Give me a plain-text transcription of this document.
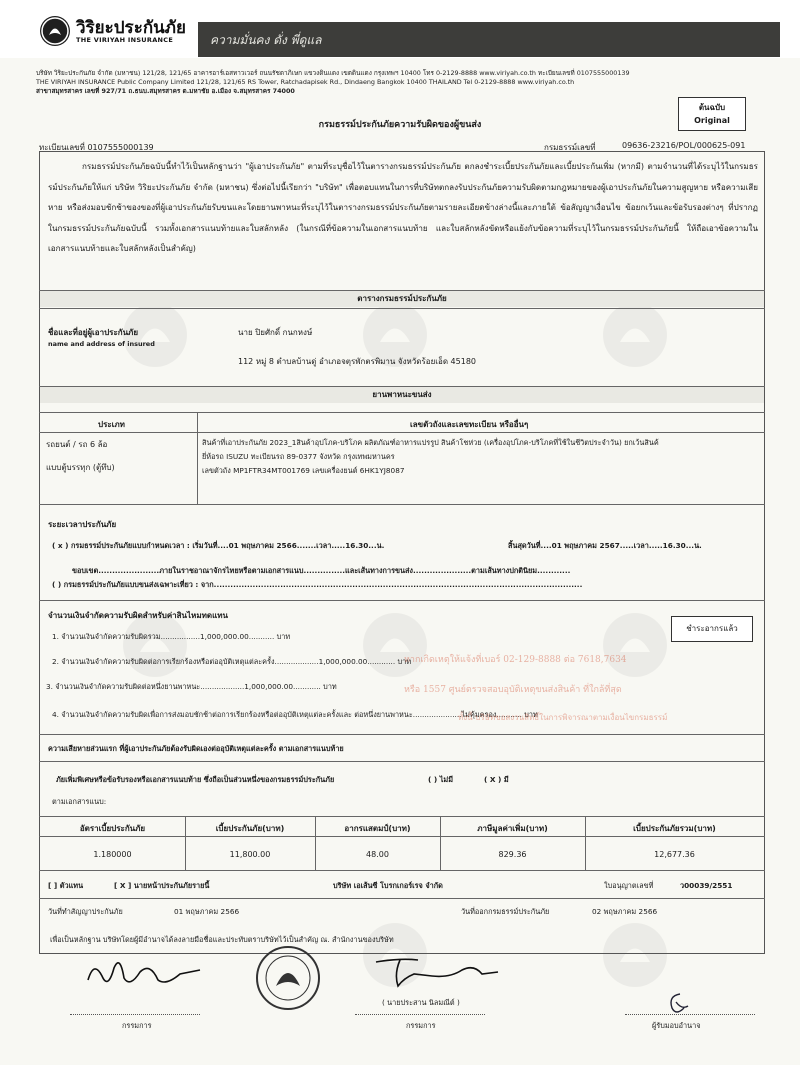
วิริยะประกันภัย
THE VIRIYAH INSURANCE	ความมั่นคง ดั่ง พี่ดูแล
บริษัท วิริยะประกันภัย จำกัด (มหาชน) 121/28, 121/65 อาคารอาร์เอสทาวเวอร์ ถนนรัชดาภิเษก แขวงดินแดง เขตดินแดง กรุงเทพฯ 10400 โทร 0-2129-8888 www.viriyah.co.th ทะเบียนเลขที่ 0107555000139
THE VIRIYAH INSURANCE Public Company Limited 121/28, 121/65 RS Tower, Ratchadapisek Rd., Dindaeng Bangkok 10400 THAILAND Tel 0-2129-8888 www.viriyah.co.th
สาขาสมุทรสาคร เลขที่ 927/71 ถ.ธนบ.สมุทรสาคร ต.มหาชัย อ.เมือง จ.สมุทรสาคร 74000
ต้นฉบับ
Original
กรมธรรม์ประกันภัยความรับผิดของผู้ขนส่ง
ทะเบียนเลขที่ 0107555000139	กรมธรรม์เลขที่	09636-23216/POL/000625-091

กรมธรรม์ประกันภัยฉบับนี้ทำไว้เป็นหลักฐานว่า "ผู้เอาประกันภัย" ตามที่ระบุชื่อไว้ในตารางกรมธรรม์ประกันภัย ตกลงชำระเบี้ยประกันภัยและเบี้ยประกันเพิ่ม (หากมี) ตามจำนวนที่ได้ระบุไว้ในกรมธรรม์ประกันภัยให้แก่ บริษัท วิริยะประกันภัย จำกัด (มหาชน) ซึ่งต่อไปนี้เรียกว่า "บริษัท" เพื่อตอบแทนในการที่บริษัทตกลงรับประกันภัยความรับผิดตามกฎหมายของผู้เอาประกันภัยในความสูญหาย หรือความเสียหาย หรือส่งมอบชักช้าของของที่ผู้เอาประกันภัยรับขนและโดยยานพาหนะที่ระบุไว้ในตารางกรมธรรม์ประกันภัยตามรายละเอียดข้างล่างนี้และภายใต้ ข้อสัญญาเงื่อนไข ข้อยกเว้นและข้อรับรองต่างๆ ที่ปรากฏในกรมธรรม์ประกันภัยฉบับนี้ รวมทั้งเอกสารแนบท้ายและใบสลักหลัง (ในกรณีที่ข้อความในเอกสารแนบท้าย และใบสลักหลังขัดหรือแย้งกับข้อความที่ระบุไว้ในกรมธรรม์ประกันภัยนี้ ให้ถือเอาข้อความในเอกสารแนบท้ายและใบสลักหลังเป็นสำคัญ)

ตารางกรมธรรม์ประกันภัย
ชื่อและที่อยู่ผู้เอาประกันภัย
name and address of insured
นาย ปิยศักดิ์ กนกหงษ์
112 หมู่ 8 ตำบลบ้านดู่ อำเภอจตุรพักตรพิมาน จังหวัดร้อยเอ็ด 45180
ยานพาหนะขนส่ง
ประเภท	เลขตัวถังและเลขทะเบียน หรืออื่นๆ
รถยนต์ / รถ 6 ล้อ
แบบตู้บรรทุก (ตู้ทึบ)
สินค้าที่เอาประกันภัย 2023_1สินค้าอุปโภค-บริโภค ผลิตภัณฑ์อาหารแปรรูป สินค้าโชห่วย (เครื่องอุปโภค-บริโภคที่ใช้ในชีวิตประจำวัน) ยกเว้นสินค้
ยี่ห้อรถ ISUZU ทะเบียนรถ 89-0377 จังหวัด กรุงเทพมหานคร
เลขตัวถัง MP1FTR34MT001769 เลขเครื่องยนต์ 6HK1YJ8087
ระยะเวลาประกันภัย
( x ) กรมธรรม์ประกันภัยแบบกำหนดเวลา : เริ่มวันที่....01 พฤษภาคม 2566.......เวลา.....16.30...น.	สิ้นสุดวันที่....01 พฤษภาคม 2567.....เวลา.....16.30...น.
ขอบเขต......................ภายในราชอาณาจักรไทยหรือตามเอกสารแนบ...............และเส้นทางการขนส่ง.....................ตามเส้นทางปกตินิยม............
( ) กรมธรรม์ประกันภัยแบบขนส่งเฉพาะเที่ยว : จาก.....................................................................................................................................
จำนวนเงินจำกัดความรับผิดสำหรับค่าสินไหมทดแทน
ชำระอากรแล้ว
1. จำนวนเงินจำกัดความรับผิดรวม.................1,000,000.00........... บาท
2. จำนวนเงินจำกัดความรับผิดต่อการเรียกร้องหรือต่ออุบัติเหตุแต่ละครั้ง...................1,000,000.00............ บาท
3. จำนวนเงินจำกัดความรับผิดต่อหนึ่งยานพาหนะ...................1,000,000.00............ บาท
4. จำนวนเงินจำกัดความรับผิดเพื่อการส่งมอบชักช้าต่อการเรียกร้องหรือต่ออุบัติเหตุแต่ละครั้งและ ต่อหนึ่งยานพาหนะ.....................ไม่คุ้มครอง........... บาท
หากเกิดเหตุให้แจ้งที่เบอร์ 02-129-8888 ต่อ 7618,7634
หรือ 1557 ศูนย์ตรวจสอบอุบัติเหตุขนส่งสินค้า ที่ใกล้ที่สุด
ทั้งนี้ บริษัทขอสงวนสิทธิ์ในการพิจารณาตามเงื่อนไขกรมธรรม์
ความเสียหายส่วนแรก ที่ผู้เอาประกันภัยต้องรับผิดเองต่ออุบัติเหตุแต่ละครั้ง ตามเอกสารแนบท้าย
ภัยเพิ่มพิเศษหรือข้อรับรองหรือเอกสารแนบท้าย ซึ่งถือเป็นส่วนหนึ่งของกรมธรรม์ประกันภัย	( ) ไม่มี	( X ) มี
ตามเอกสารแนบ:
อัตราเบี้ยประกันภัย	เบี้ยประกันภัย(บาท)	อากรแสตมป์(บาท)	ภาษีมูลค่าเพิ่ม(บาท)	เบี้ยประกันภัยรวม(บาท)
1.180000	11,800.00	48.00	829.36	12,677.36
[ ] ตัวแทน	[ X ] นายหน้าประกันภัยรายนี้	บริษัท เอเส้นซี โบรกเกอร์เรจ จำกัด	ใบอนุญาตเลขที่	ว00039/2551
วันที่ทำสัญญาประกันภัย	01 พฤษภาคม 2566	วันที่ออกกรมธรรม์ประกันภัย	02 พฤษภาคม 2566
เพื่อเป็นหลักฐาน บริษัทโดยผู้มีอำนาจได้ลงลายมือชื่อและประทับตราบริษัทไว้เป็นสำคัญ ณ. สำนักงานของบริษัท
( นายประสาน นิลมณีต์ )
กรรมการ	กรรมการ	ผู้รับมอบอำนาจ
